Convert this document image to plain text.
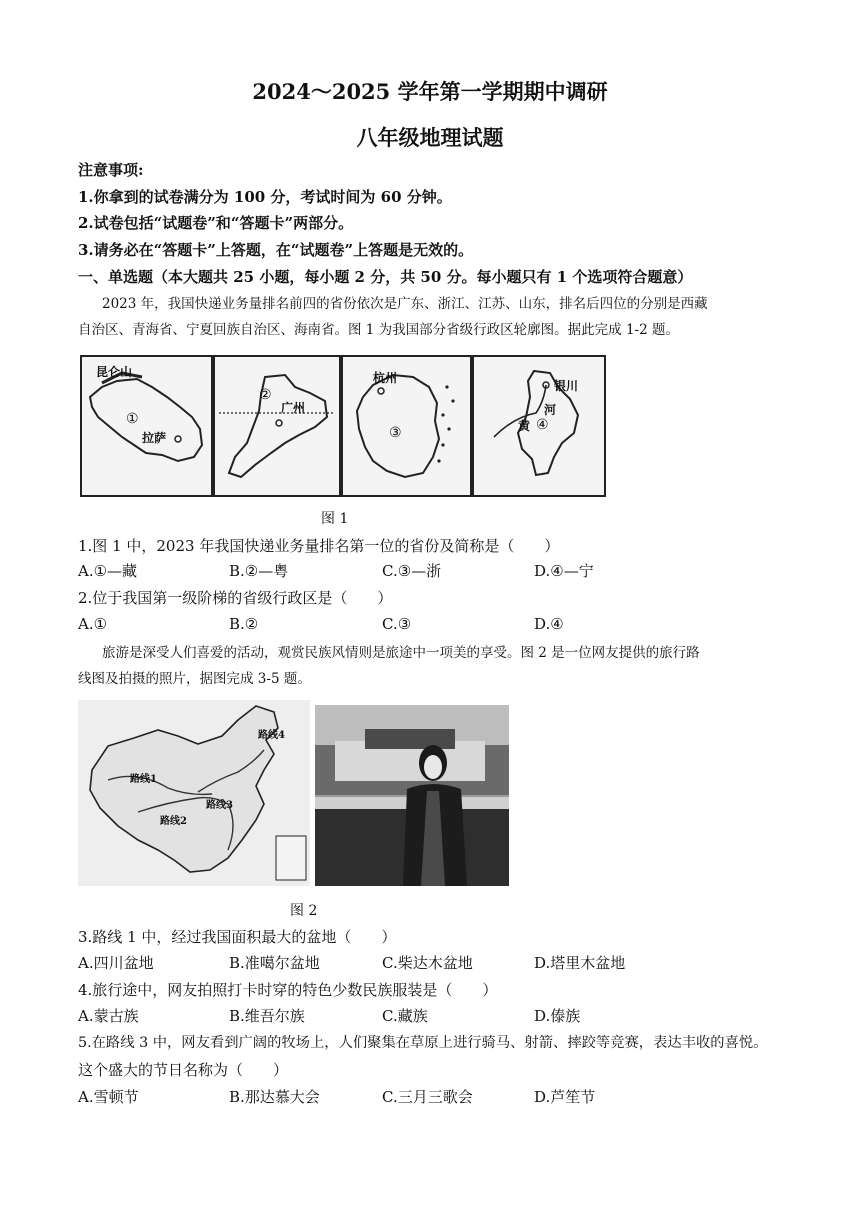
2024～2025 学年第一学期期中调研
八年级地理试题
注意事项:
1.你拿到的试卷满分为 100 分，考试时间为 60 分钟。
2.试卷包括“试题卷”和“答题卡”两部分。
3.请务必在“答题卡”上答题，在“试题卷”上答题是无效的。
一、单选题（本大题共 25 小题，每小题 2 分，共 50 分。每小题只有 1 个选项符合题意）
2023 年，我国快递业务量排名前四的省份依次是广东、浙江、江苏、山东，排名后四位的分别是西藏
自治区、青海省、宁夏回族自治区、海南省。图 1 为我国部分省级行政区轮廓图。据此完成 1-2 题。
昆仑山
①
拉萨
②
广州
杭州
③
银川
河
黄 ④
图 1
1.图 1 中，2023 年我国快递业务量排名第一位的省份及简称是（　　）
A.①—藏	B.②—粤	C.③—浙	D.④—宁
2.位于我国第一级阶梯的省级行政区是（　　）
A.①	B.②	C.③	D.④
旅游是深受人们喜爱的活动，观赏民族风情则是旅途中一项美的享受。图 2 是一位网友提供的旅行路
线图及拍摄的照片，据图完成 3-5 题。
路线1
路线2
路线3
路线4
图 2
3.路线 1 中，经过我国面积最大的盆地（　　）
A.四川盆地	B.准噶尔盆地	C.柴达木盆地	D.塔里木盆地
4.旅行途中，网友拍照打卡时穿的特色少数民族服装是（　　）
A.蒙古族	B.维吾尔族	C.藏族	D.傣族
5.在路线 3 中，网友看到广阔的牧场上，人们聚集在草原上进行骑马、射箭、摔跤等竞赛，表达丰收的喜悦。
这个盛大的节日名称为（　　）
A.雪顿节	B.那达慕大会	C.三月三歌会	D.芦笙节
